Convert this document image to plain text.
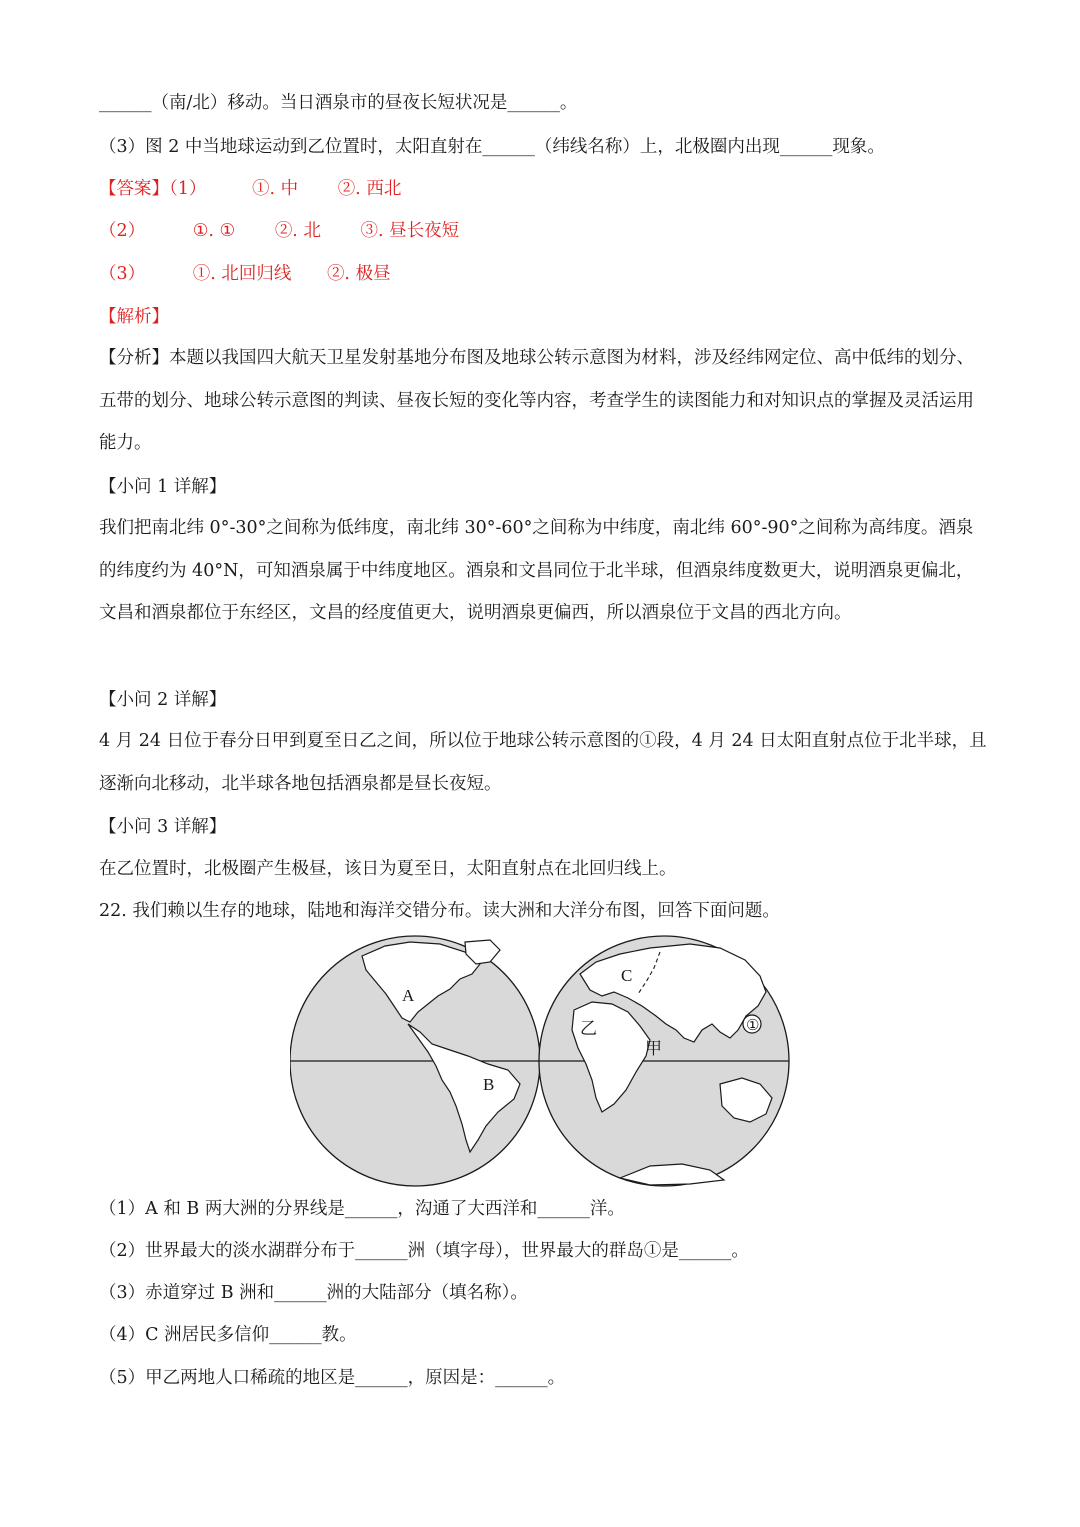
______（南/北）移动。当日酒泉市的昼夜长短状况是______。
（3）图 2 中当地球运动到乙位置时，太阳直射在______（纬线名称）上，北极圈内出现______现象。
【答案】（1）	①. 中 ②. 西北
（2）	①. ① ②. 北 ③. 昼长夜短
（3）	①. 北回归线 ②. 极昼
【解析】
【分析】本题以我国四大航天卫星发射基地分布图及地球公转示意图为材料，涉及经纬网定位、高中低纬的划分、五带的划分、地球公转示意图的判读、昼夜长短的变化等内容，考查学生的读图能力和对知识点的掌握及灵活运用能力。
【小问 1 详解】
我们把南北纬 0°-30°之间称为低纬度，南北纬 30°-60°之间称为中纬度，南北纬 60°-90°之间称为高纬度。酒泉的纬度约为 40°N，可知酒泉属于中纬度地区。酒泉和文昌同位于北半球，但酒泉纬度数更大，说明酒泉更偏北，文昌和酒泉都位于东经区，文昌的经度值更大，说明酒泉更偏西，所以酒泉位于文昌的西北方向。
【小问 2 详解】
4 月 24 日位于春分日甲到夏至日乙之间，所以位于地球公转示意图的①段，4 月 24 日太阳直射点位于北半球，且逐渐向北移动，北半球各地包括酒泉都是昼长夜短。
【小问 3 详解】
在乙位置时，北极圈产生极昼，该日为夏至日，太阳直射点在北回归线上。
22. 我们赖以生存的地球，陆地和海洋交错分布。读大洲和大洋分布图，回答下面问题。
A
B
C
乙
甲
①
（1）A 和 B 两大洲的分界线是______，沟通了大西洋和______洋。
（2）世界最大的淡水湖群分布于______洲（填字母），世界最大的群岛①是______。
（3）赤道穿过 B 洲和______洲的大陆部分（填名称）。
（4）C 洲居民多信仰______教。
（5）甲乙两地人口稀疏的地区是______，原因是：______。
